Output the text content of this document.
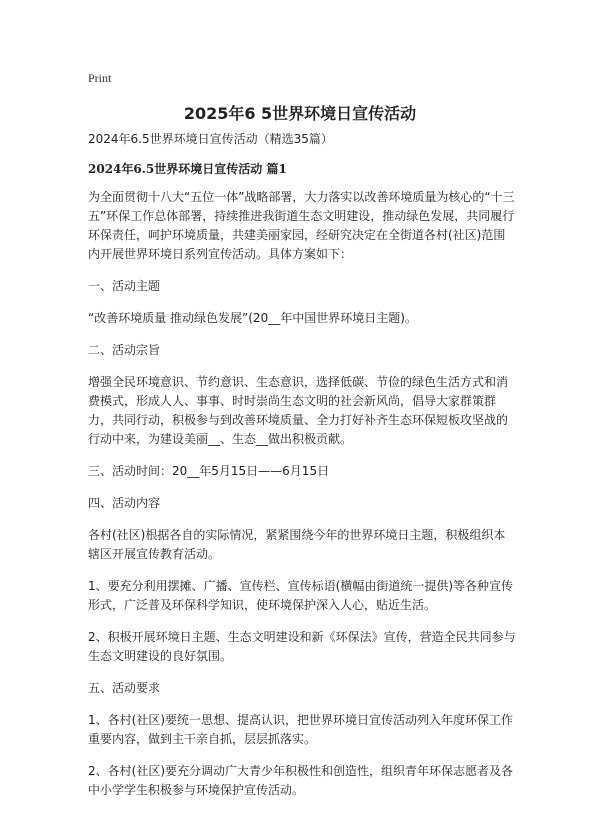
Print
2025年6 5世界环境日宣传活动

2024年6.5世界环境日宣传活动（精选35篇）

2024年6.5世界环境日宣传活动 篇1

为全面贯彻十八大“五位一体”战略部署，大力落实以改善环境质量为核心的“十三五”环保工作总体部署，持续推进我街道生态文明建设，推动绿色发展，共同履行环保责任，呵护环境质量，共建美丽家园，经研究决定在全街道各村(社区)范围内开展世界环境日系列宣传活动。具体方案如下：

一、活动主题

“改善环境质量 推动绿色发展”(20__年中国世界环境日主题)。

二、活动宗旨

增强全民环境意识、节约意识、生态意识，选择低碳、节俭的绿色生活方式和消费模式，形成人人、事事、时时崇尚生态文明的社会新风尚，倡导大家群策群力，共同行动，积极参与到改善环境质量、全力打好补齐生态环保短板攻坚战的行动中来，为建设美丽__、生态__做出积极贡献。

三、活动时间：20__年5月15日——6月15日

四、活动内容

各村(社区)根据各自的实际情况，紧紧围绕今年的世界环境日主题，积极组织本辖区开展宣传教育活动。

1、要充分利用摆摊、广播、宣传栏、宣传标语(横幅由街道统一提供)等各种宣传形式，广泛普及环保科学知识，使环境保护深入人心，贴近生活。

2、积极开展环境日主题、生态文明建设和新《环保法》宣传，营造全民共同参与生态文明建设的良好氛围。

五、活动要求

1、各村(社区)要统一思想、提高认识，把世界环境日宣传活动列入年度环保工作重要内容，做到主干亲自抓，层层抓落实。

2、各村(社区)要充分调动广大青少年积极性和创造性，组织青年环保志愿者及各中小学学生积极参与环境保护宣传活动。
